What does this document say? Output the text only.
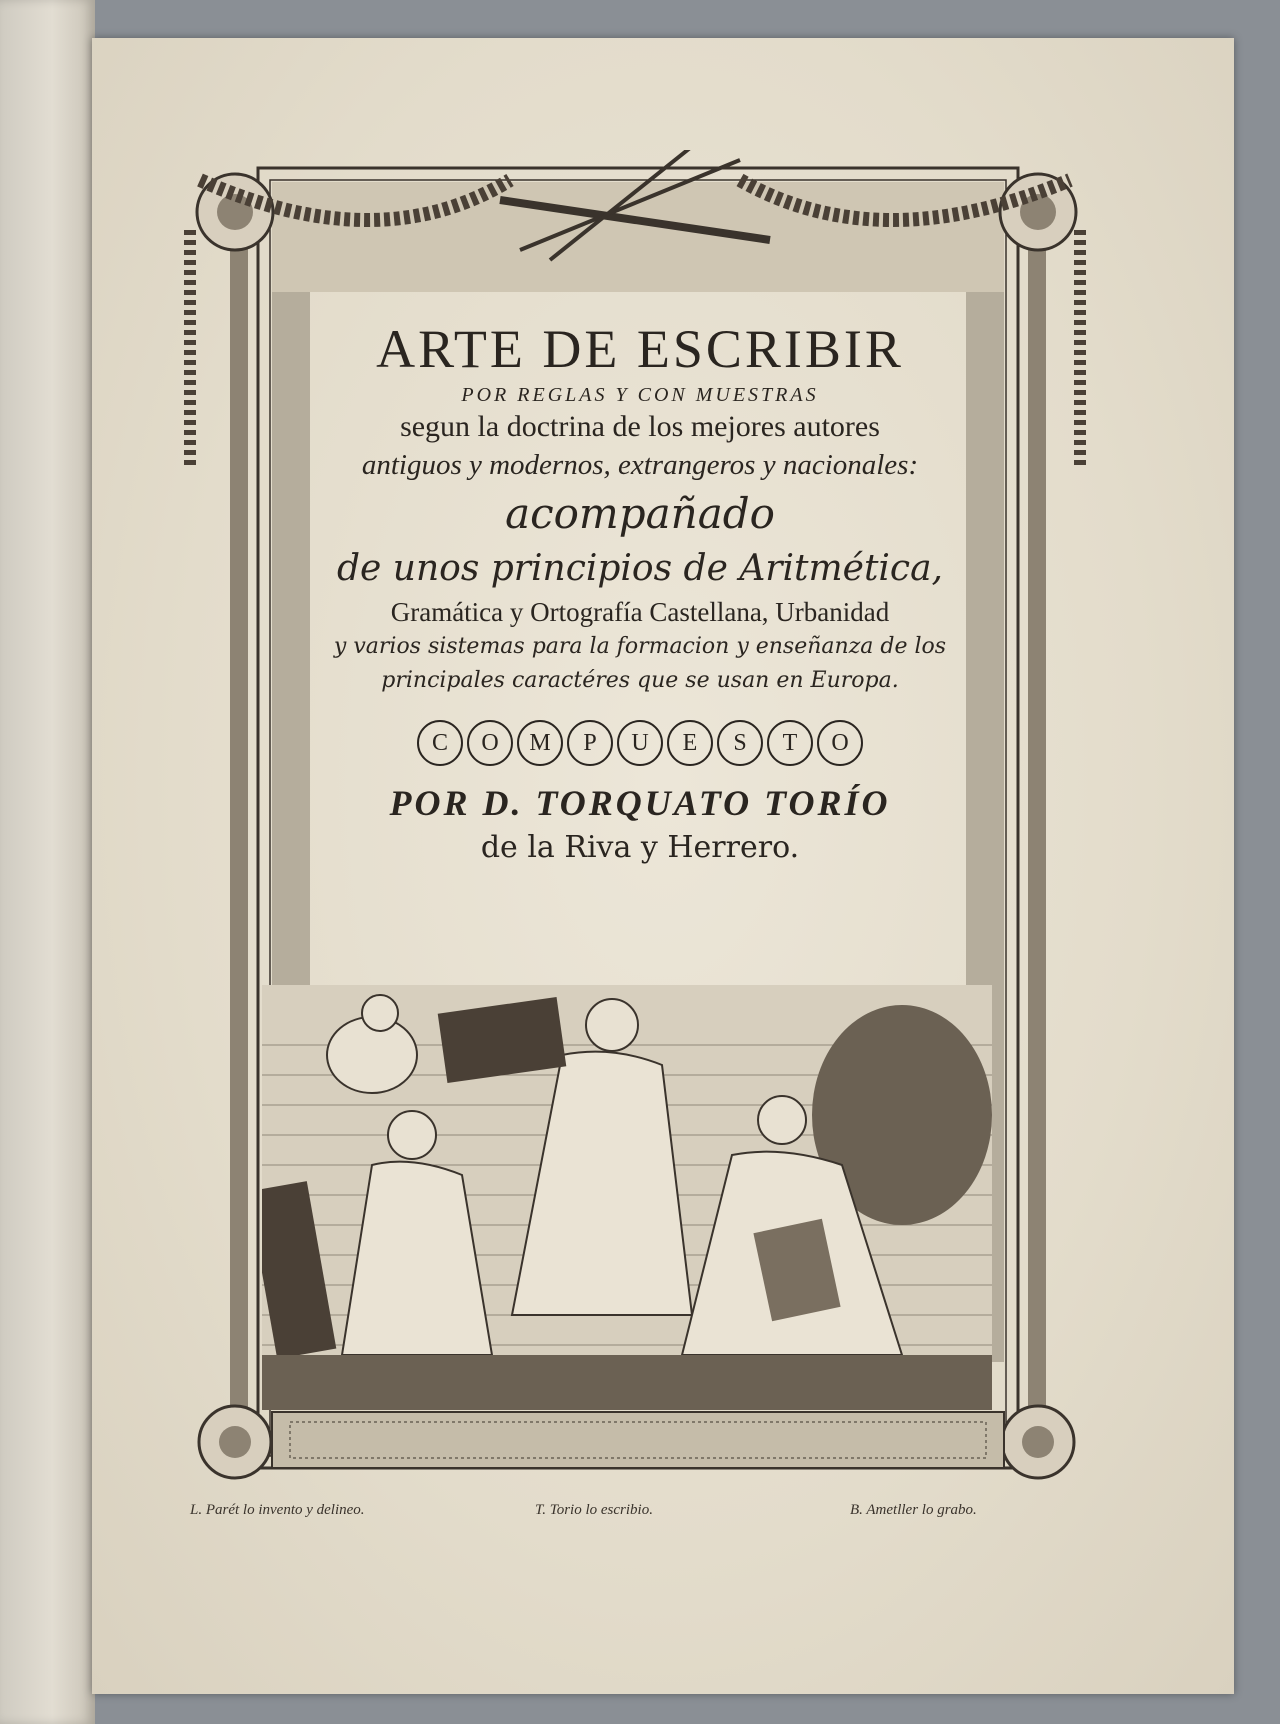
ARTE DE ESCRIBIR
POR REGLAS Y CON MUESTRAS
segun la doctrina de los mejores autores
antiguos y modernos, extrangeros y nacionales:
acompañado
de unos principios de Aritmética,
Gramática y Ortografía Castellana, Urbanidad
y varios sistemas para la formacion y enseñanza de los
principales caractéres que se usan en Europa.
C	O	M	P	U	E	S	T	O
POR D. TORQUATO TORÍO
de la Riva y Herrero.
L. Parét lo invento y delineo.	T. Torio lo escribio.	B. Ametller lo grabo.
